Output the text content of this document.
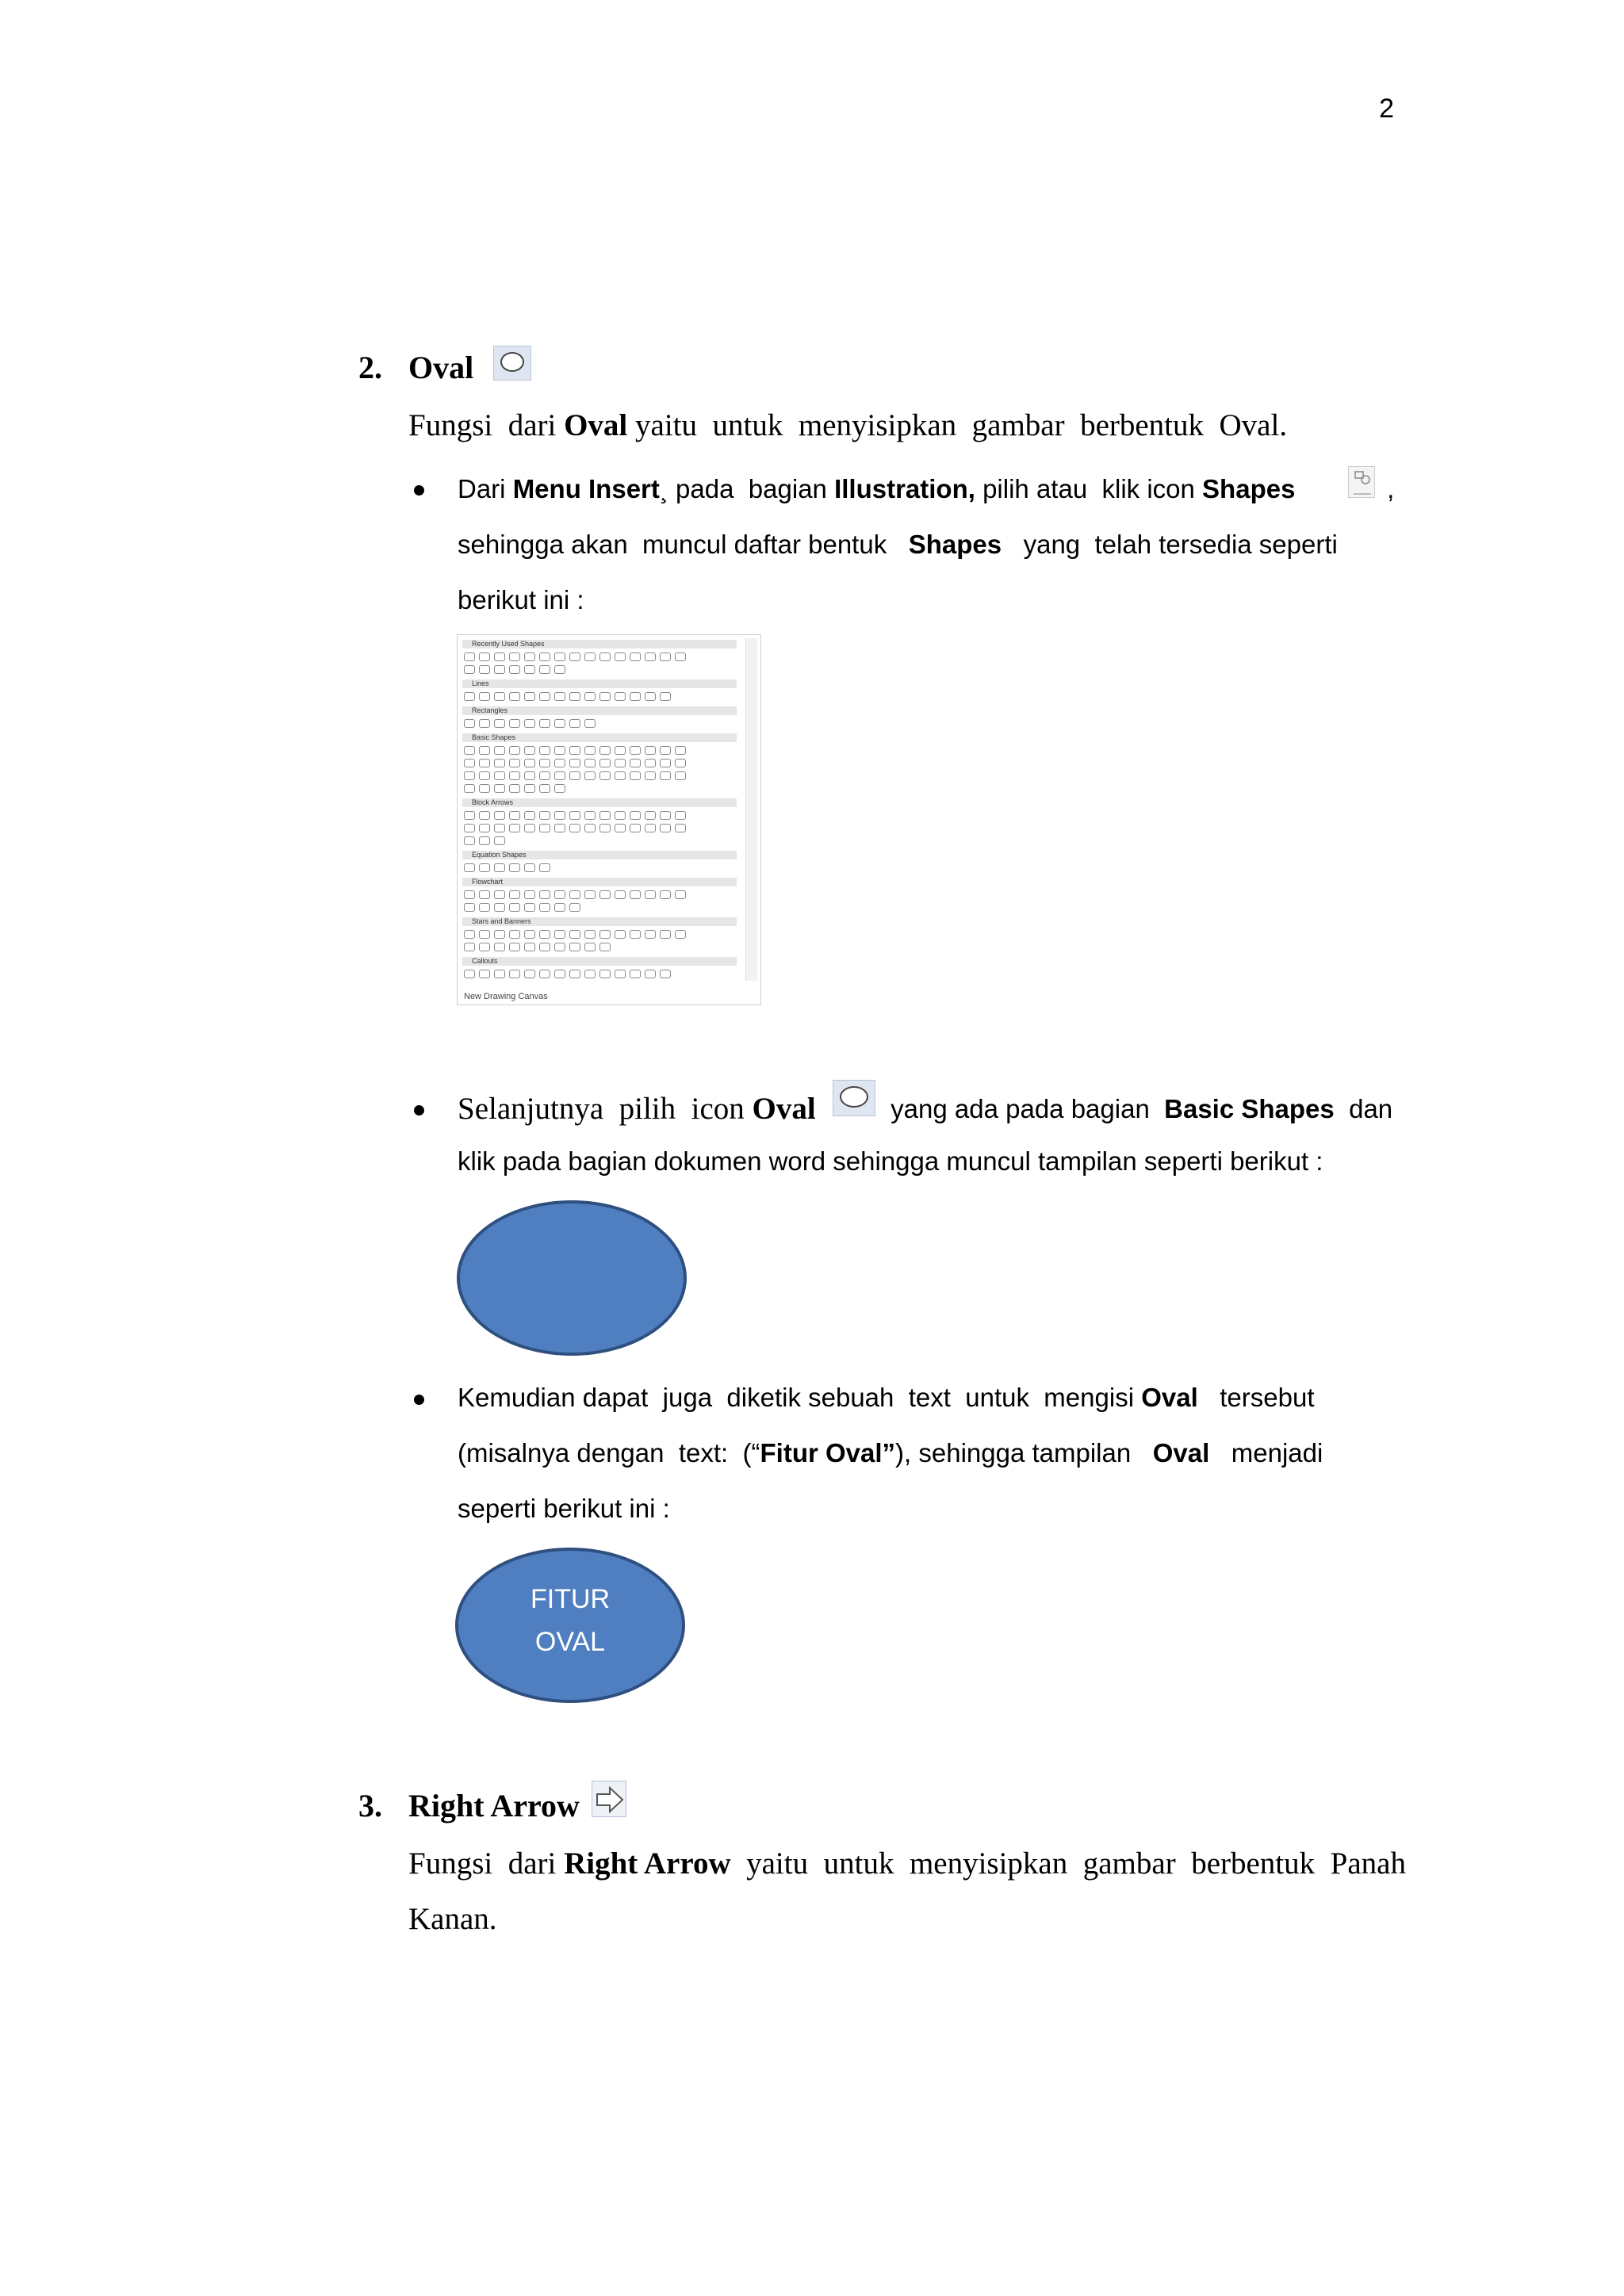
2
2. Oval
Fungsi  dari Oval yaitu  untuk  menyisipkan  gambar  berbentuk  Oval.
Dari Menu Insert¸ pada  bagian Illustration, pilih atau  klik icon Shapes	,
sehingga akan  muncul daftar bentuk   Shapes   yang  telah tersedia seperti
berikut ini :
Recently Used Shapes
Lines
Rectangles
Basic Shapes
Block Arrows
Equation Shapes
Flowchart
Stars and Banners
Callouts
New Drawing Canvas
Selanjutnya  pilih  icon Oval	yang ada pada bagian  Basic Shapes  dan
klik pada bagian dokumen word sehingga muncul tampilan seperti berikut :
Kemudian dapat  juga  diketik sebuah  text  untuk  mengisi Oval   tersebut
(misalnya dengan  text:  (“Fitur Oval”), sehingga tampilan   Oval   menjadi
seperti berikut ini :
FITUR
OVAL
3. Right Arrow
Fungsi  dari Right Arrow  yaitu  untuk  menyisipkan  gambar  berbentuk  Panah
Kanan.
